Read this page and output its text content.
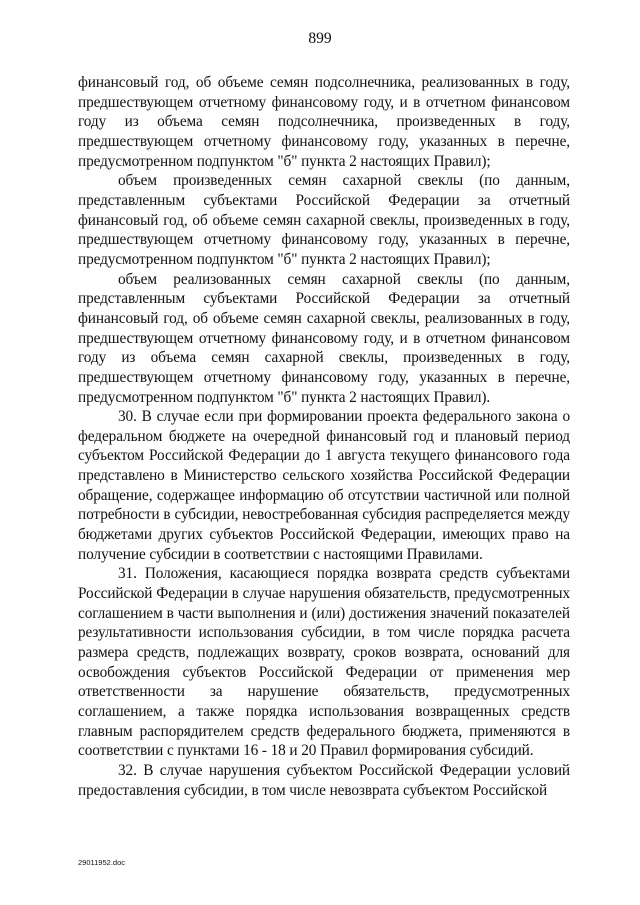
899

финансовый год, об объеме семян подсолнечника, реализованных в году, предшествующем отчетному финансовому году, и в отчетном финансовом году из объема семян подсолнечника, произведенных в году, предшествующем отчетному финансовому году, указанных в перечне, предусмотренном подпунктом "б" пункта 2 настоящих Правил);

объем произведенных семян сахарной свеклы (по данным, представленным субъектами Российской Федерации за отчетный финансовый год, об объеме семян сахарной свеклы, произведенных в году, предшествующем отчетному финансовому году, указанных в перечне, предусмотренном подпунктом "б" пункта 2 настоящих Правил);

объем реализованных семян сахарной свеклы (по данным, представленным субъектами Российской Федерации за отчетный финансовый год, об объеме семян сахарной свеклы, реализованных в году, предшествующем отчетному финансовому году, и в отчетном финансовом году из объема семян сахарной свеклы, произведенных в году, предшествующем отчетному финансовому году, указанных в перечне, предусмотренном подпунктом "б" пункта 2 настоящих Правил).

30. В случае если при формировании проекта федерального закона о федеральном бюджете на очередной финансовый год и плановый период субъектом Российской Федерации до 1 августа текущего финансового года представлено в Министерство сельского хозяйства Российской Федерации обращение, содержащее информацию об отсутствии частичной или полной потребности в субсидии, невостребованная субсидия распределяется между бюджетами других субъектов Российской Федерации, имеющих право на получение субсидии в соответствии с настоящими Правилами.

31. Положения, касающиеся порядка возврата средств субъектами Российской Федерации в случае нарушения обязательств, предусмотренных соглашением в части выполнения и (или) достижения значений показателей результативности использования субсидии, в том числе порядка расчета размера средств, подлежащих возврату, сроков возврата, оснований для освобождения субъектов Российской Федерации от применения мер ответственности за нарушение обязательств, предусмотренных соглашением, а также порядка использования возвращенных средств главным распорядителем средств федерального бюджета, применяются в соответствии с пунктами 16 - 18 и 20 Правил формирования субсидий.

32. В случае нарушения субъектом Российской Федерации условий предоставления субсидии, в том числе невозврата субъектом Российской

29011952.doc
